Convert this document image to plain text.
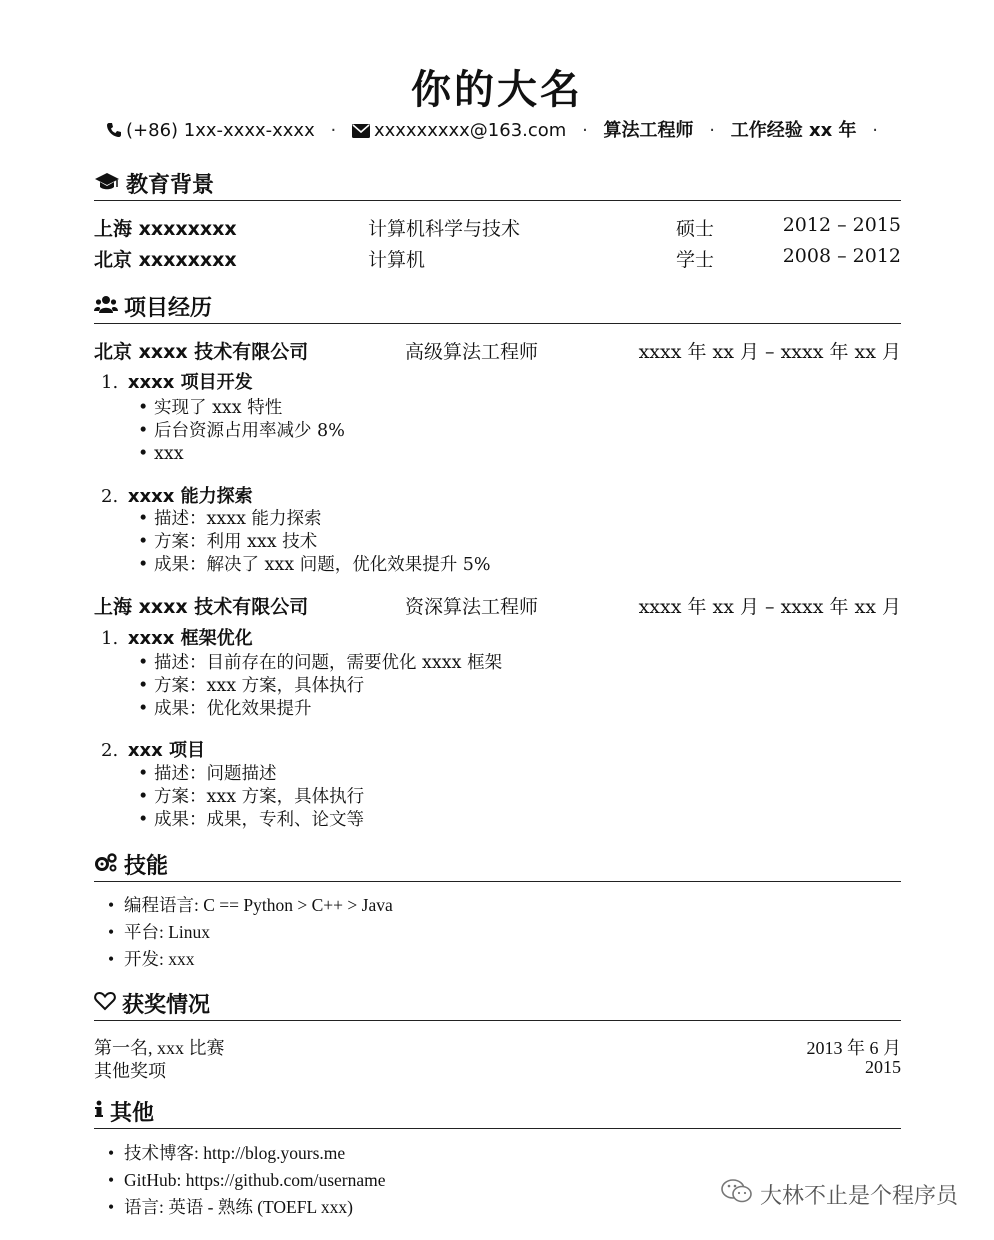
你的大名
(+86) 1xx-xxxx-xxxx · xxxxxxxxx@163.com · 算法工程师 · 工作经验 xx 年 ·
教育背景
上海 xxxxxxxx	计算机科学与技术	硕士	2012 – 2015
北京 xxxxxxxx	计算机	学士	2008 – 2012
项目经历
北京 xxxx 技术有限公司	高级算法工程师	xxxx 年 xx 月 – xxxx 年 xx 月
1. xxxx 项目开发
• 实现了 xxx 特性
• 后台资源占用率减少 8%
• xxx
2. xxxx 能力探索
• 描述：xxxx 能力探索
• 方案：利用 xxx 技术
• 成果：解决了 xxx 问题，优化效果提升 5%
上海 xxxx 技术有限公司	资深算法工程师	xxxx 年 xx 月 – xxxx 年 xx 月
1. xxxx 框架优化
• 描述：目前存在的问题，需要优化 xxxx 框架
• 方案：xxx 方案，具体执行
• 成果：优化效果提升
2. xxx 项目
• 描述：问题描述
• 方案：xxx 方案，具体执行
• 成果：成果，专利、论文等
技能
• 编程语言: C == Python > C++ > Java
• 平台: Linux
• 开发: xxx
获奖情况
第一名, xxx 比赛	2013 年 6 月
其他奖项	2015
其他
• 技术博客: http://blog.yours.me
• GitHub: https://github.com/username
• 语言: 英语 - 熟练 (TOEFL xxx)	大林不止是个程序员
